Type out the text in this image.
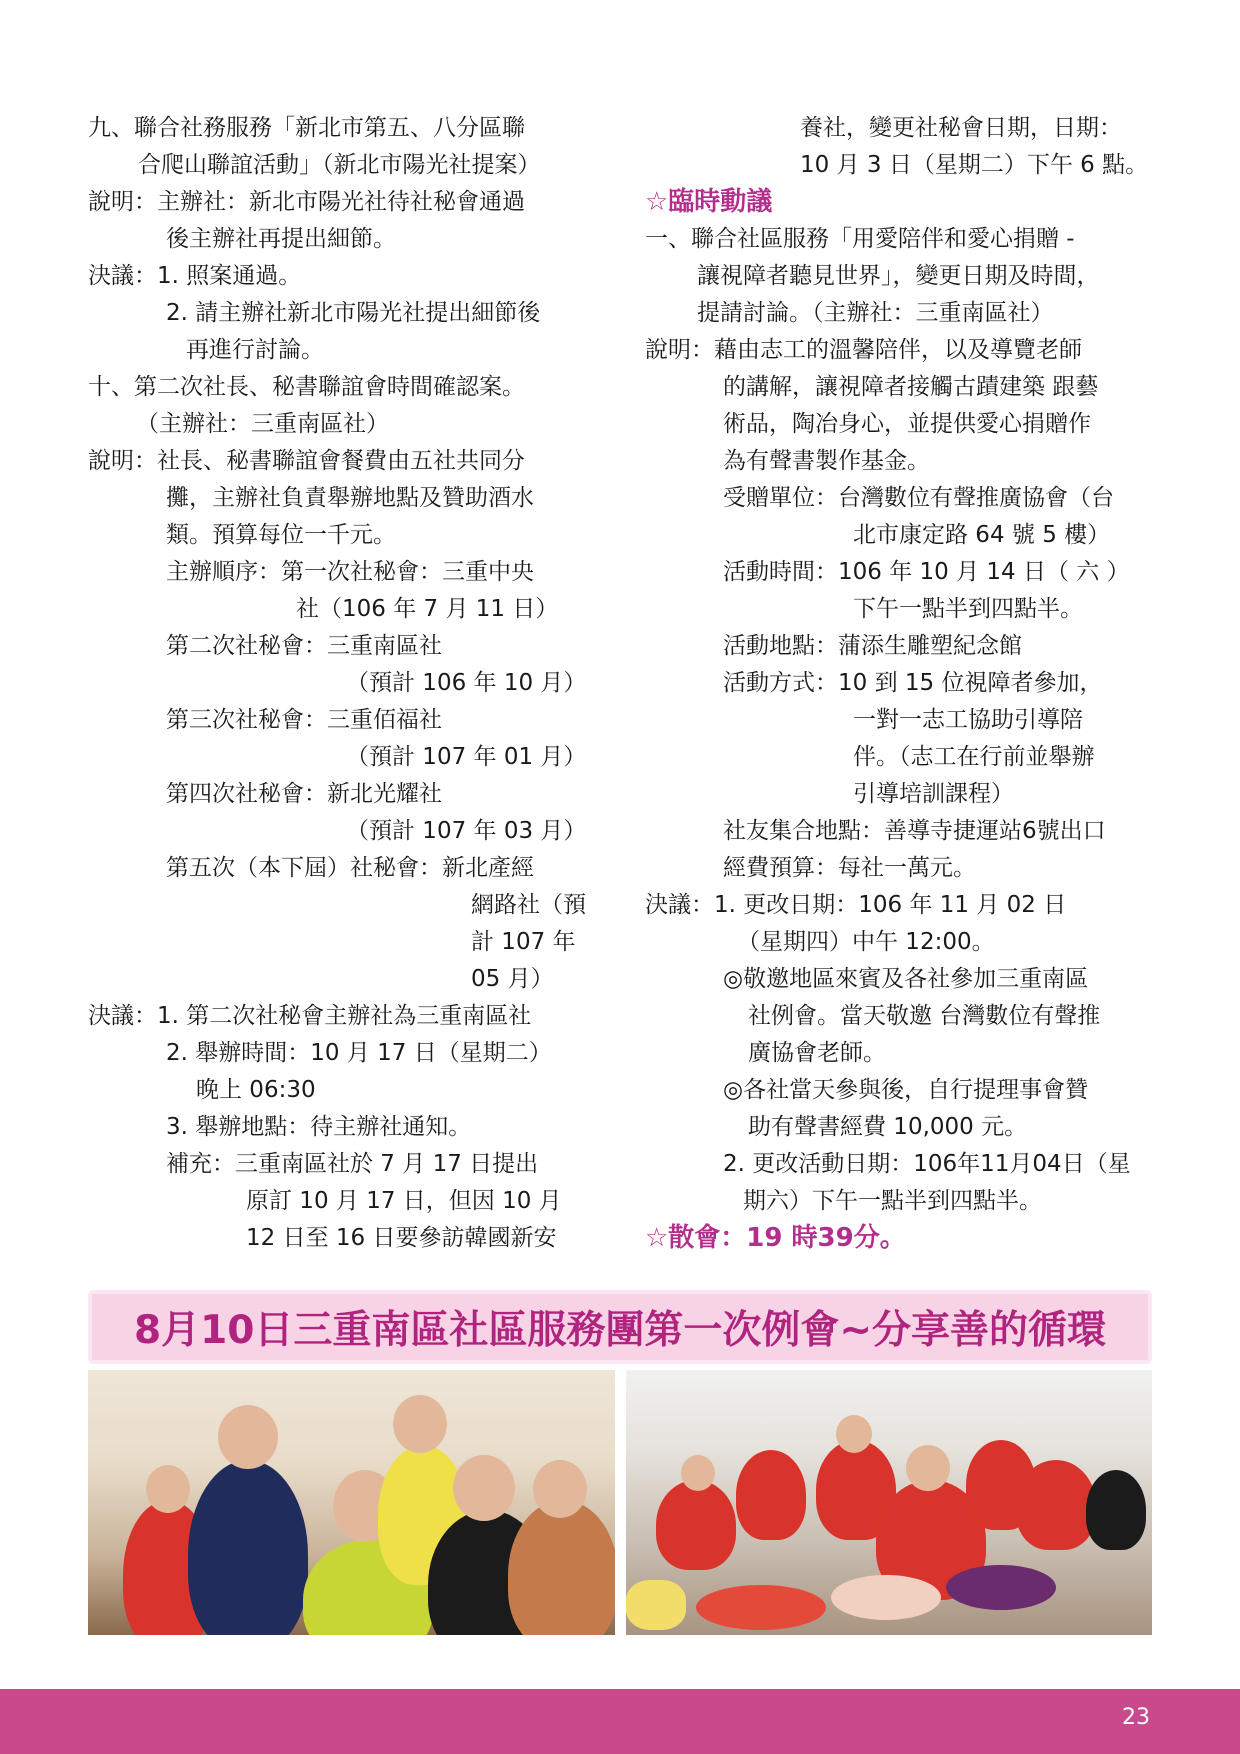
九、聯合社務服務「新北市第五、八分區聯
合爬山聯誼活動」（新北市陽光社提案）
說明：主辦社：新北市陽光社待社秘會通過
後主辦社再提出細節。
決議：1. 照案通過。
2. 請主辦社新北市陽光社提出細節後
再進行討論。
十、第二次社長、秘書聯誼會時間確認案。
（主辦社：三重南區社）
說明：社長、秘書聯誼會餐費由五社共同分
攤，主辦社負責舉辦地點及贊助酒水
類。預算每位一千元。
主辦順序：第一次社秘會：三重中央
社（106 年 7 月 11 日）
第二次社秘會：三重南區社
（預計 106 年 10 月）
第三次社秘會：三重佰福社
（預計 107 年 01 月）
第四次社秘會：新北光耀社
（預計 107 年 03 月）
第五次（本下屆）社秘會：新北產經
網路社（預
計 107 年
05 月）
決議：1. 第二次社秘會主辦社為三重南區社
2. 舉辦時間：10 月 17 日（星期二）
晚上 06:30
3. 舉辦地點：待主辦社通知。
補充：三重南區社於 7 月 17 日提出
原訂 10 月 17 日，但因 10 月
12 日至 16 日要參訪韓國新安
養社，變更社秘會日期，日期：
10 月 3 日（星期二）下午 6 點。
☆臨時動議
一、聯合社區服務「用愛陪伴和愛心捐贈 -
讓視障者聽見世界」，變更日期及時間，
提請討論。（主辦社：三重南區社）
說明：藉由志工的溫馨陪伴，以及導覽老師
的講解，讓視障者接觸古蹟建築 跟藝
術品，陶冶身心，並提供愛心捐贈作
為有聲書製作基金。
受贈單位：台灣數位有聲推廣協會（台
北市康定路 64 號 5 樓）
活動時間：106 年 10 月 14 日（ 六 ）
下午一點半到四點半。
活動地點：蒲添生雕塑紀念館
活動方式：10 到 15 位視障者參加，
一對一志工協助引導陪
伴。（志工在行前並舉辦
引導培訓課程）
社友集合地點：善導寺捷運站6號出口
經費預算：每社一萬元。
決議：1. 更改日期：106 年 11 月 02 日
（星期四）中午 12:00。
◎敬邀地區來賓及各社參加三重南區
社例會。當天敬邀 台灣數位有聲推
廣協會老師。
◎各社當天參與後，自行提理事會贊
助有聲書經費 10,000 元。
2. 更改活動日期：106年11月04日（星
期六）下午一點半到四點半。
☆散會：19 時39分。
8月10日三重南區社區服務團第一次例會~分享善的循環
23
